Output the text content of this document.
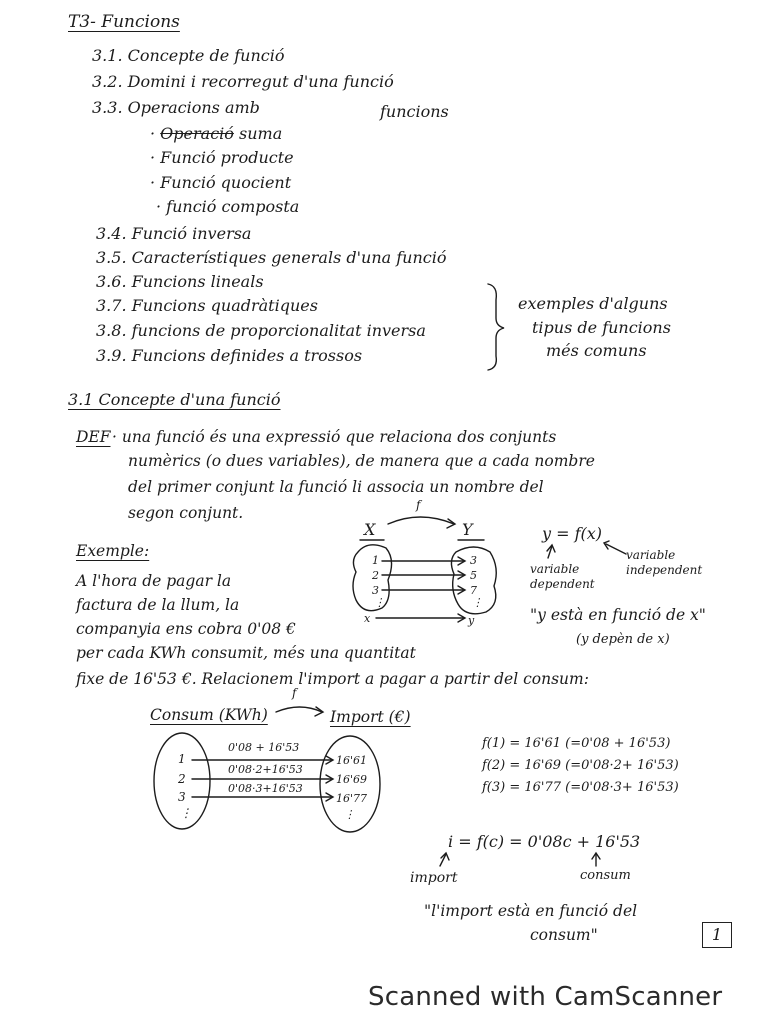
T3- Funcions
3.1. Concepte de funció
3.2. Domini i recorregut d'una funció
3.3. Operacions amb	funcions
· Operació suma
· Funció producte
· Funció quocient
· funció composta
3.4. Funció inversa
3.5. Característiques generals d'una funció
3.6. Funcions lineals
3.7. Funcions quadràtiques
3.8. funcions de proporcionalitat inversa
3.9. Funcions definides a trossos
exemples d'alguns
tipus de funcions
més comuns
3.1 Concepte d'una funció
DEF · una funció és una expressió que relaciona dos conjunts
numèrics (o dues variables), de manera que a cada nombre
del primer conjunt la funció li associa un nombre del
segon conjunt.
Exemple:
A l'hora de pagar la
factura de la llum, la
companyia ens cobra 0'08 €
per cada KWh consumit, més una quantitat
fixe de 16'53 €. Relacionem l'import a pagar a partir del consum:
X	Y
f
1
2
3
⋮
x
3
5
7
⋮
y
y = f(x)
variable
dependent
variable
independent
"y està en funció de x"
(y depèn de x)
Consum (KWh)	Import (€)
f
1
2
3
⋮
16'61
16'69
16'77
⋮
0'08 + 16'53
0'08·2+16'53
0'08·3+16'53
f(1) = 16'61 (=0'08 + 16'53)
f(2) = 16'69 (=0'08·2+ 16'53)
f(3) = 16'77 (=0'08·3+ 16'53)
i = f(c) = 0'08c + 16'53
import	consum
"l'import està en funció del
consum"	1
Scanned with CamScanner
